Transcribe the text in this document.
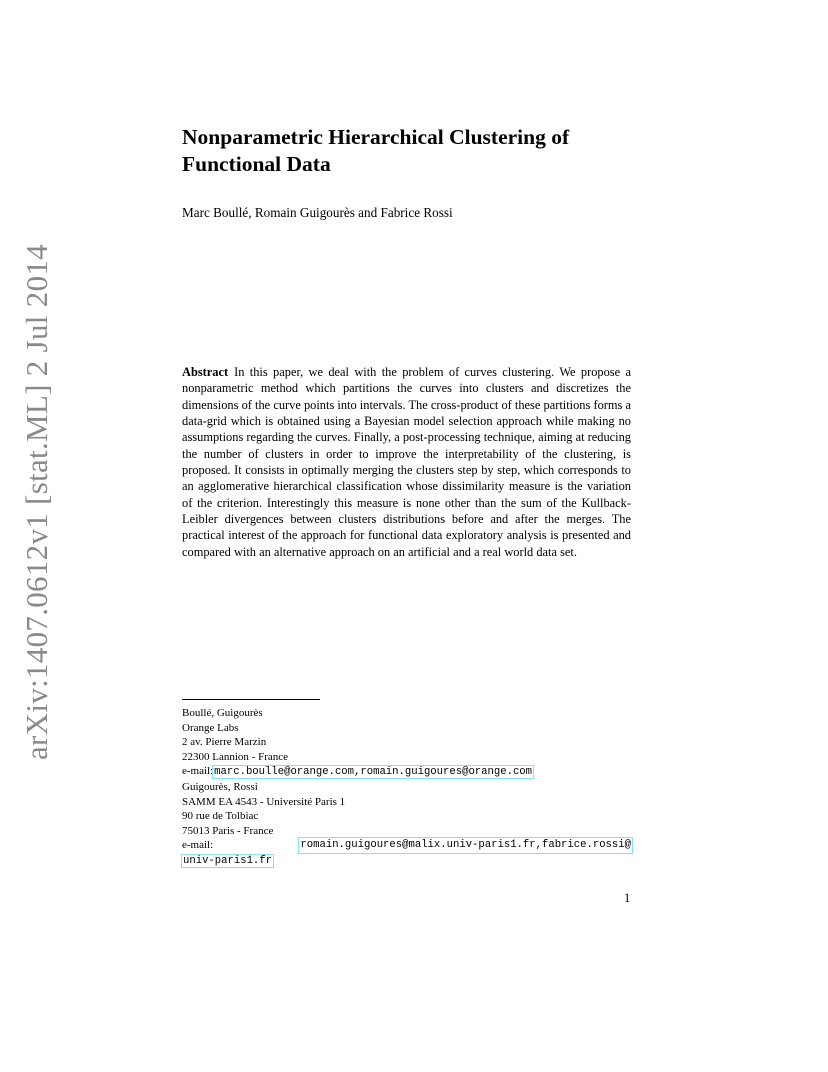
arXiv:1407.0612v1 [stat.ML] 2 Jul 2014
Nonparametric Hierarchical Clustering of
Functional Data
Marc Boullé, Romain Guigourès and Fabrice Rossi
Abstract In this paper, we deal with the problem of curves clustering. We propose a nonparametric method which partitions the curves into clusters and discretizes the dimensions of the curve points into intervals. The cross-product of these partitions forms a data-grid which is obtained using a Bayesian model selection approach while making no assumptions regarding the curves. Finally, a post-processing technique, aiming at reducing the number of clusters in order to improve the interpretability of the clustering, is proposed. It consists in optimally merging the clusters step by step, which corresponds to an agglomerative hierarchical classification whose dissimilarity measure is the variation of the criterion. Interestingly this measure is none other than the sum of the Kullback-Leibler divergences between clusters distributions before and after the merges. The practical interest of the approach for functional data exploratory analysis is presented and compared with an alternative approach on an artificial and a real world data set.
Boullé, Guigourès
Orange Labs
2 av. Pierre Marzin
22300 Lannion - France
e-mail:marc.boulle@orange.com,romain.guigoures@orange.com
Guigourès, Rossi
SAMM EA 4543 - Université Paris 1
90 rue de Tolbiac
75013 Paris - France
e-mail:	romain.guigoures@malix.univ-paris1.fr,fabrice.rossi@
univ-paris1.fr
1
